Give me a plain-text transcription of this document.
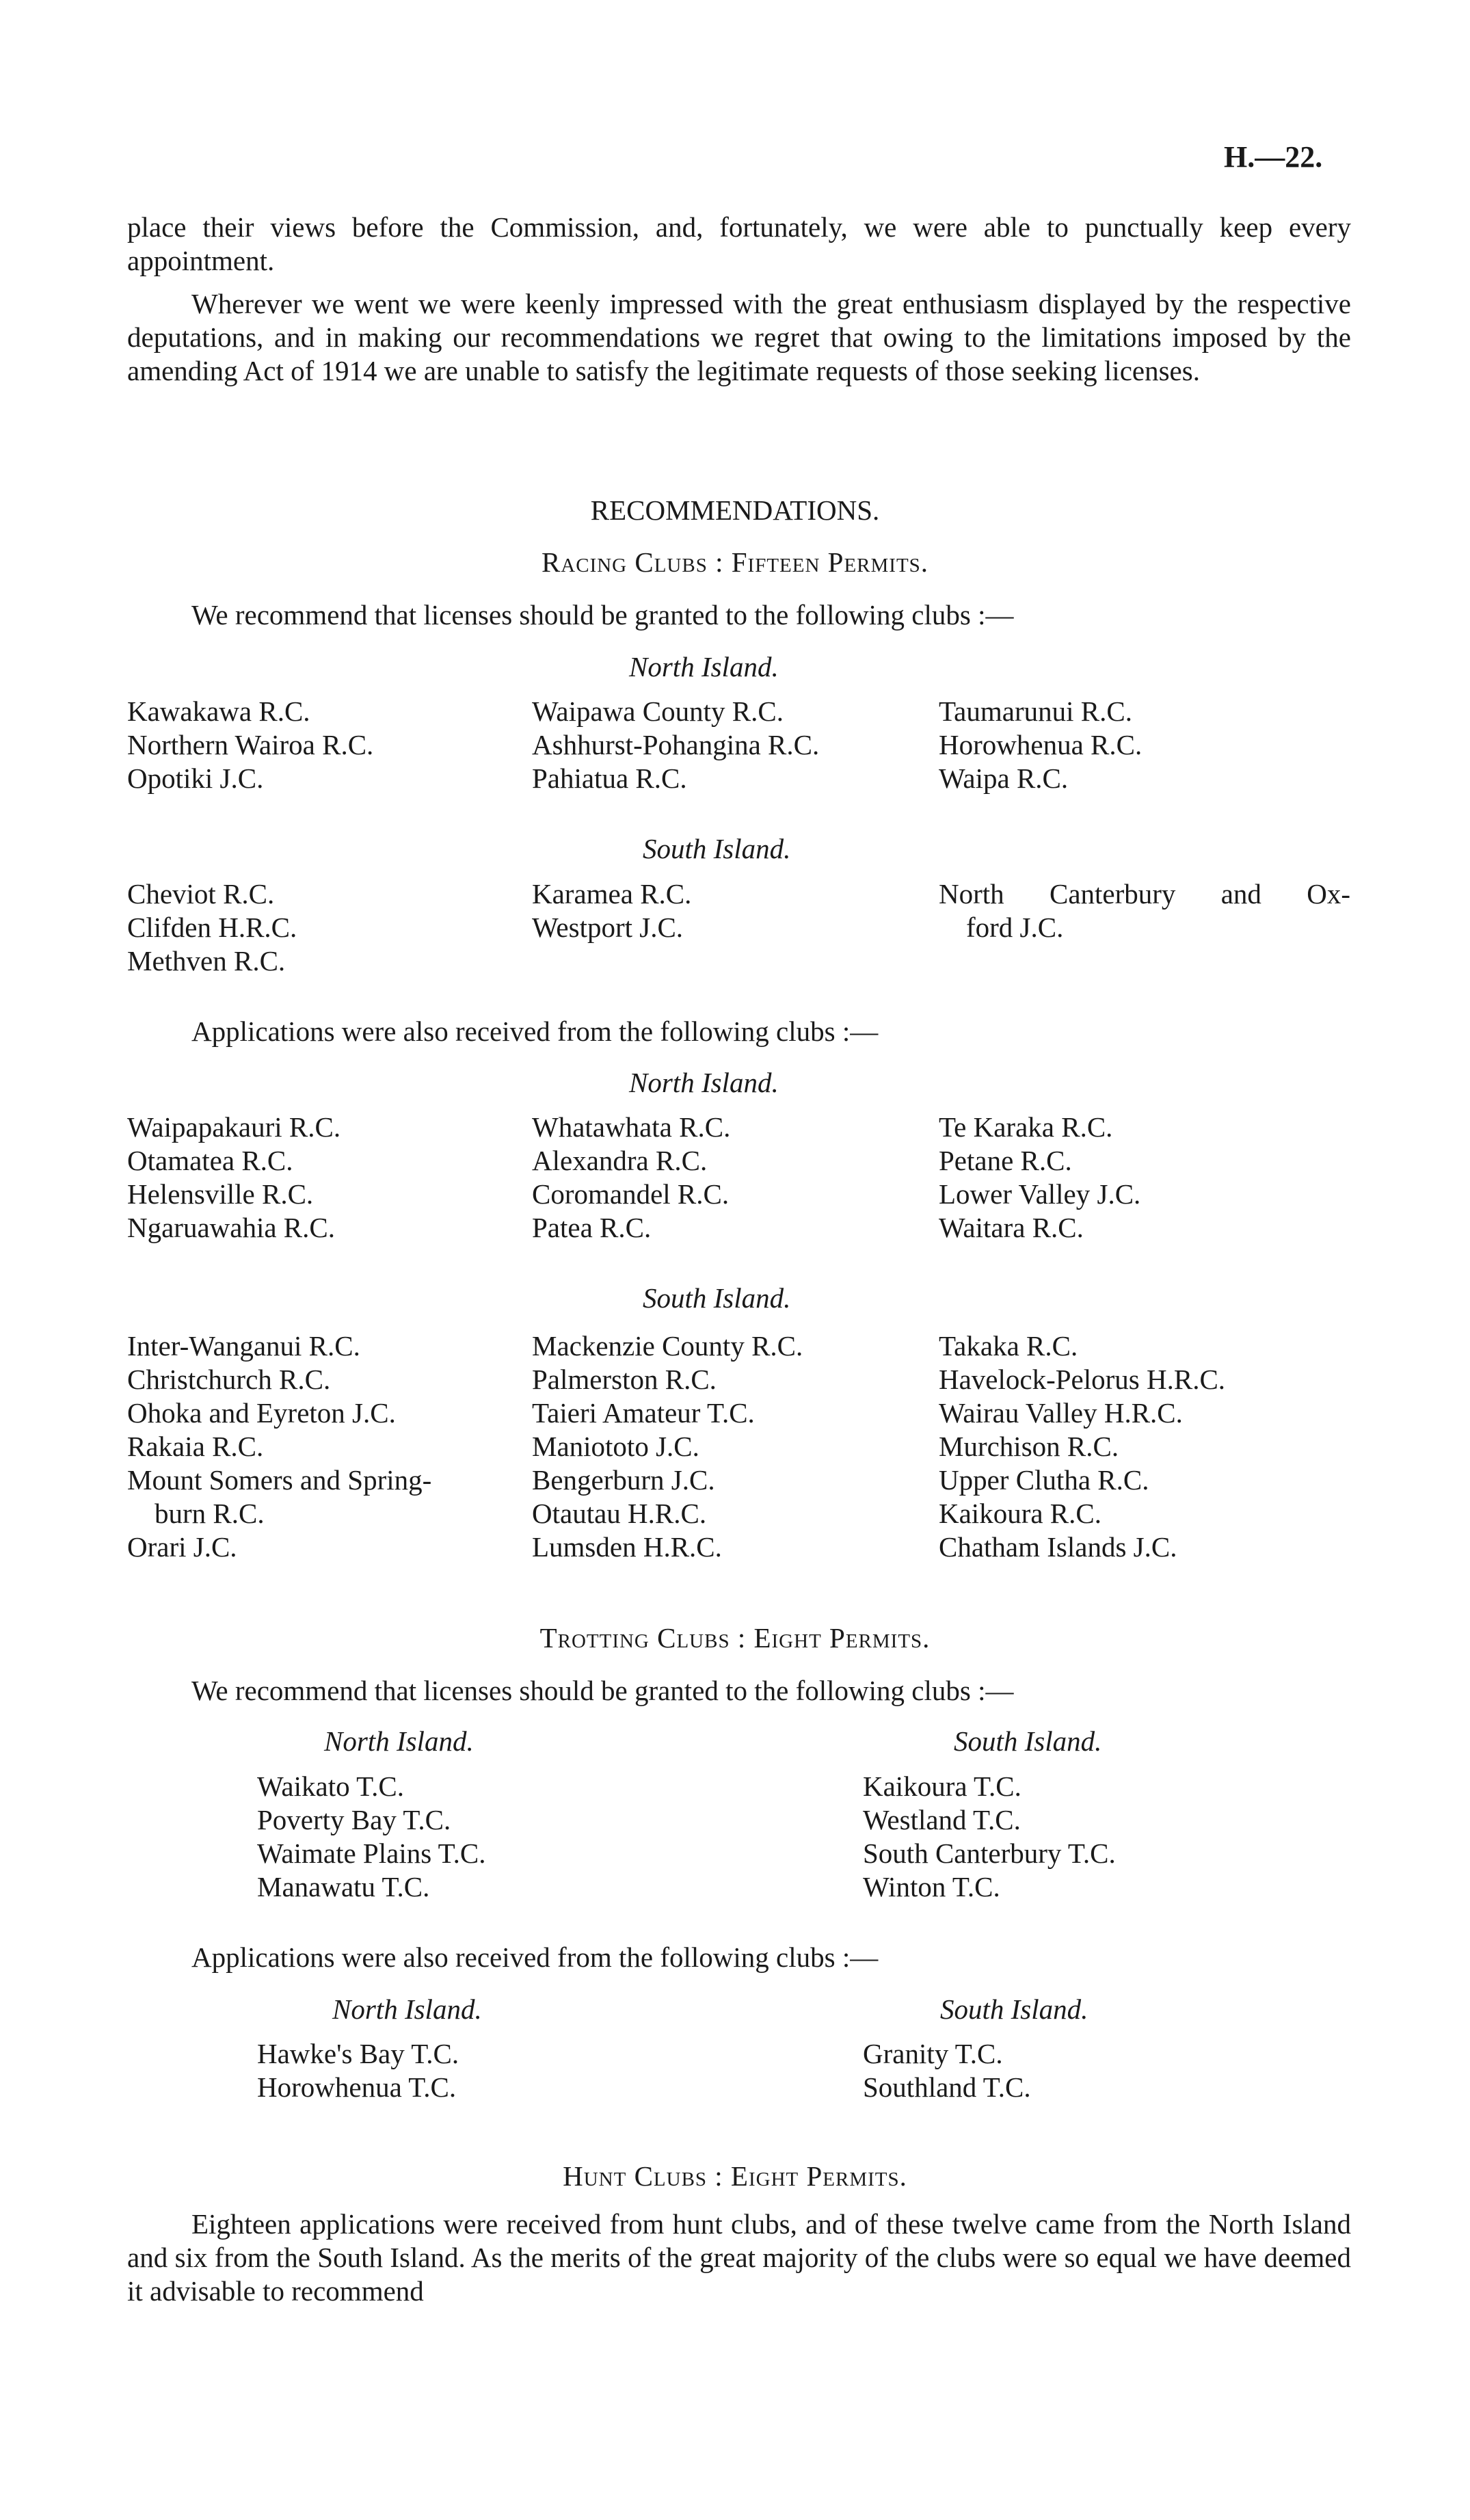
H.—22.

place their views before the Commission, and, fortunately, we were able to punctually keep every appointment.

Wherever we went we were keenly impressed with the great enthusiasm displayed by the respective deputations, and in making our recommendations we regret that owing to the limitations imposed by the amending Act of 1914 we are unable to satisfy the legitimate requests of those seeking licenses.

RECOMMENDATIONS.

Racing Clubs : Fifteen Permits.

We recommend that licenses should be granted to the following clubs :—

North Island.

Kawakawa R.C.
Northern Wairoa R.C.
Opotiki J.C.
Waipawa County R.C.
Ashhurst-Pohangina R.C.
Pahiatua R.C.
Taumarunui R.C.
Horowhenua R.C.
Waipa R.C.

South Island.

Cheviot R.C.
Clifden H.R.C.
Methven R.C.
Karamea R.C.
Westport J.C.
North Canterbury and Ox-
ford J.C.

Applications were also received from the following clubs :—

North Island.

Waipapakauri R.C.
Otamatea R.C.
Helensville R.C.
Ngaruawahia R.C.
Whatawhata R.C.
Alexandra R.C.
Coromandel R.C.
Patea R.C.
Te Karaka R.C.
Petane R.C.
Lower Valley J.C.
Waitara R.C.

South Island.

Inter-Wanganui R.C.
Christchurch R.C.
Ohoka and Eyreton J.C.
Rakaia R.C.
Mount Somers and Spring-
burn R.C.
Orari J.C.
Mackenzie County R.C.
Palmerston R.C.
Taieri Amateur T.C.
Maniototo J.C.
Bengerburn J.C.
Otautau H.R.C.
Lumsden H.R.C.
Takaka R.C.
Havelock-Pelorus H.R.C.
Wairau Valley H.R.C.
Murchison R.C.
Upper Clutha R.C.
Kaikoura R.C.
Chatham Islands J.C.

Trotting Clubs : Eight Permits.

We recommend that licenses should be granted to the following clubs :—

North Island.	South Island.

Waikato T.C.
Poverty Bay T.C.
Waimate Plains T.C.
Manawatu T.C.
Kaikoura T.C.
Westland T.C.
South Canterbury T.C.
Winton T.C.

Applications were also received from the following clubs :—

North Island.	South Island.

Hawke's Bay T.C.
Horowhenua T.C.
Granity T.C.
Southland T.C.

Hunt Clubs : Eight Permits.

Eighteen applications were received from hunt clubs, and of these twelve came from the North Island and six from the South Island. As the merits of the great majority of the clubs were so equal we have deemed it advisable to recommend
